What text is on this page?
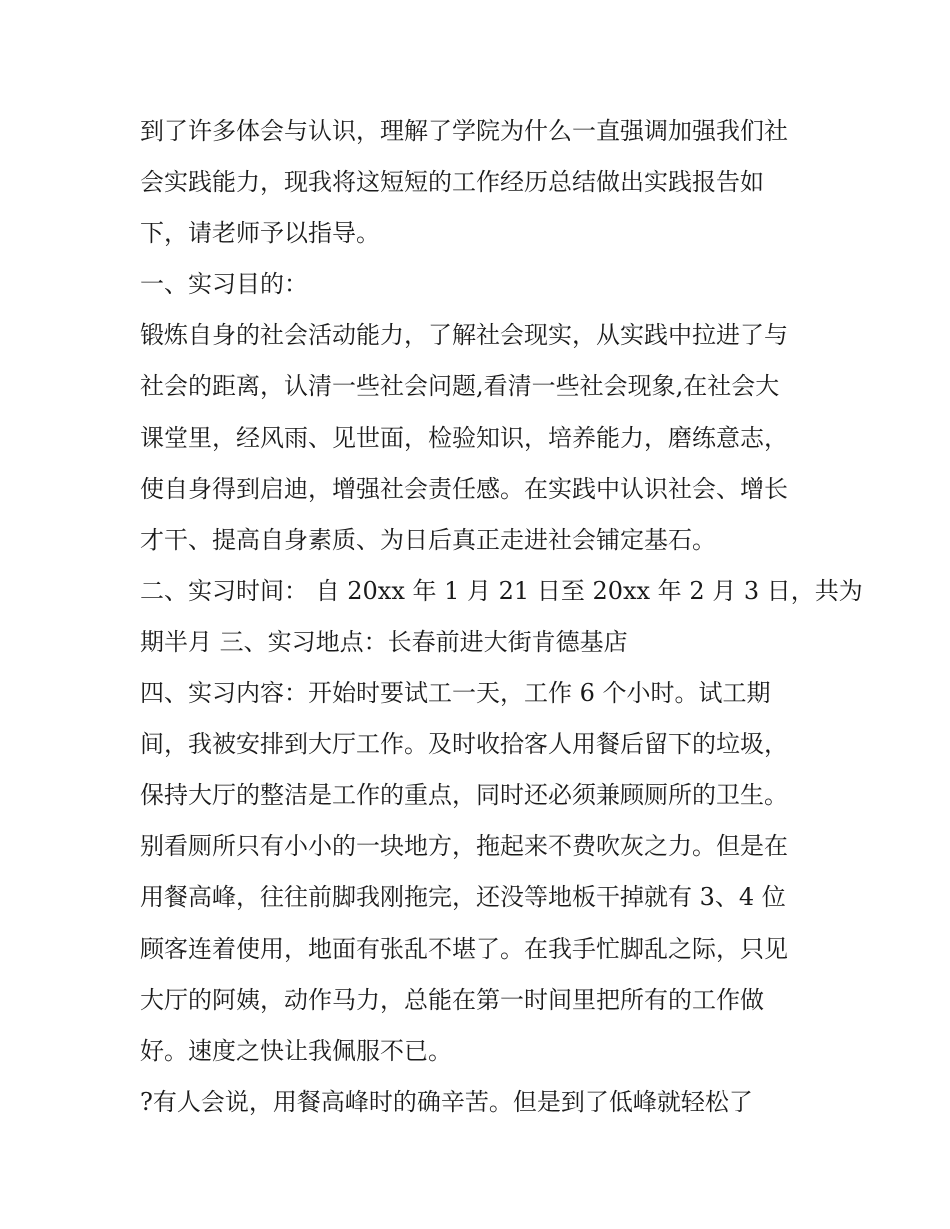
到了许多体会与认识，理解了学院为什么一直强调加强我们社

会实践能力，现我将这短短的工作经历总结做出实践报告如

下，请老师予以指导。

一、实习目的：

锻炼自身的社会活动能力，了解社会现实，从实践中拉进了与

社会的距离，认清一些社会问题,看清一些社会现象,在社会大

课堂里，经风雨、见世面，检验知识，培养能力，磨练意志，

使自身得到启迪，增强社会责任感。在实践中认识社会、增长

才干、提高自身素质、为日后真正走进社会铺定基石。

二、实习时间： 自 20xx 年 1 月 21 日至 20xx 年 2 月 3 日，共为

期半月 三、实习地点：长春前进大街肯德基店

四、实习内容：开始时要试工一天，工作 6 个小时。试工期

间，我被安排到大厅工作。及时收拾客人用餐后留下的垃圾，

保持大厅的整洁是工作的重点，同时还必须兼顾厕所的卫生。

别看厕所只有小小的一块地方，拖起来不费吹灰之力。但是在

用餐高峰，往往前脚我刚拖完，还没等地板干掉就有 3、4 位

顾客连着使用，地面有张乱不堪了。在我手忙脚乱之际，只见

大厅的阿姨，动作马力，总能在第一时间里把所有的工作做

好。速度之快让我佩服不已。

?有人会说，用餐高峰时的确辛苦。但是到了低峰就轻松了
